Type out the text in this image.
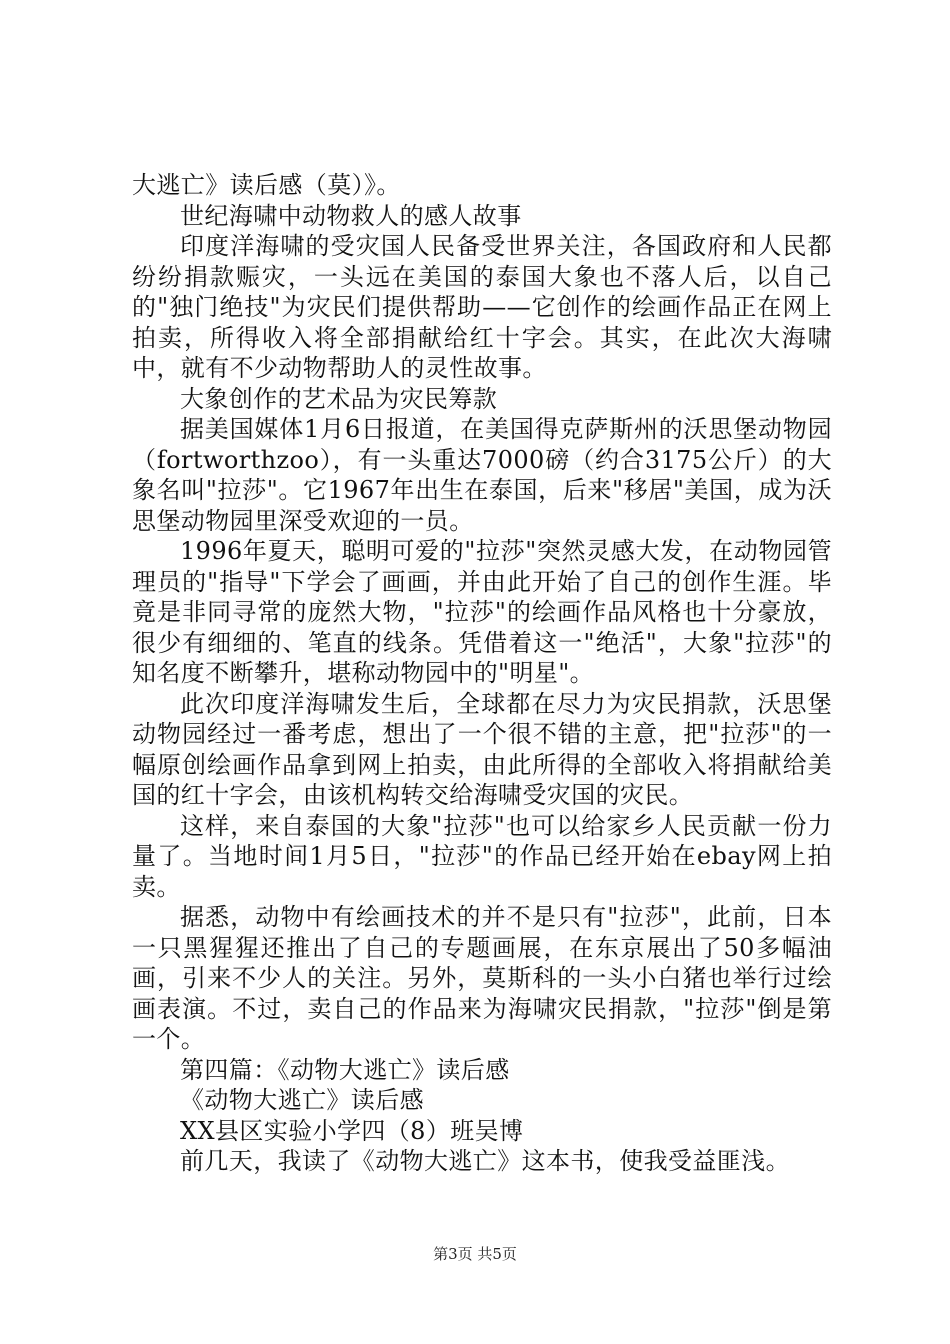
大逃亡》读后感（莫）》。

世纪海啸中动物救人的感人故事

印度洋海啸的受灾国人民备受世界关注，各国政府和人民都纷纷捐款赈灾，一头远在美国的泰国大象也不落人后，以自己的"独门绝技"为灾民们提供帮助——它创作的绘画作品正在网上拍卖，所得收入将全部捐献给红十字会。其实，在此次大海啸中，就有不少动物帮助人的灵性故事。

大象创作的艺术品为灾民筹款

据美国媒体1月6日报道，在美国得克萨斯州的沃思堡动物园（fortworthzoo），有一头重达7000磅（约合3175公斤）的大象名叫"拉莎"。它1967年出生在泰国，后来"移居"美国，成为沃思堡动物园里深受欢迎的一员。

1996年夏天，聪明可爱的"拉莎"突然灵感大发，在动物园管理员的"指导"下学会了画画，并由此开始了自己的创作生涯。毕竟是非同寻常的庞然大物，"拉莎"的绘画作品风格也十分豪放，很少有细细的、笔直的线条。凭借着这一"绝活"，大象"拉莎"的知名度不断攀升，堪称动物园中的"明星"。

此次印度洋海啸发生后，全球都在尽力为灾民捐款，沃思堡动物园经过一番考虑，想出了一个很不错的主意，把"拉莎"的一幅原创绘画作品拿到网上拍卖，由此所得的全部收入将捐献给美国的红十字会，由该机构转交给海啸受灾国的灾民。

这样，来自泰国的大象"拉莎"也可以给家乡人民贡献一份力量了。当地时间1月5日，"拉莎"的作品已经开始在ebay网上拍卖。

据悉，动物中有绘画技术的并不是只有"拉莎"，此前，日本一只黑猩猩还推出了自己的专题画展，在东京展出了50多幅油画，引来不少人的关注。另外，莫斯科的一头小白猪也举行过绘画表演。不过，卖自己的作品来为海啸灾民捐款，"拉莎"倒是第一个。

第四篇：《动物大逃亡》读后感

《动物大逃亡》读后感

XX县区实验小学四（8）班吴博

前几天，我读了《动物大逃亡》这本书，使我受益匪浅。

第3页 共5页
